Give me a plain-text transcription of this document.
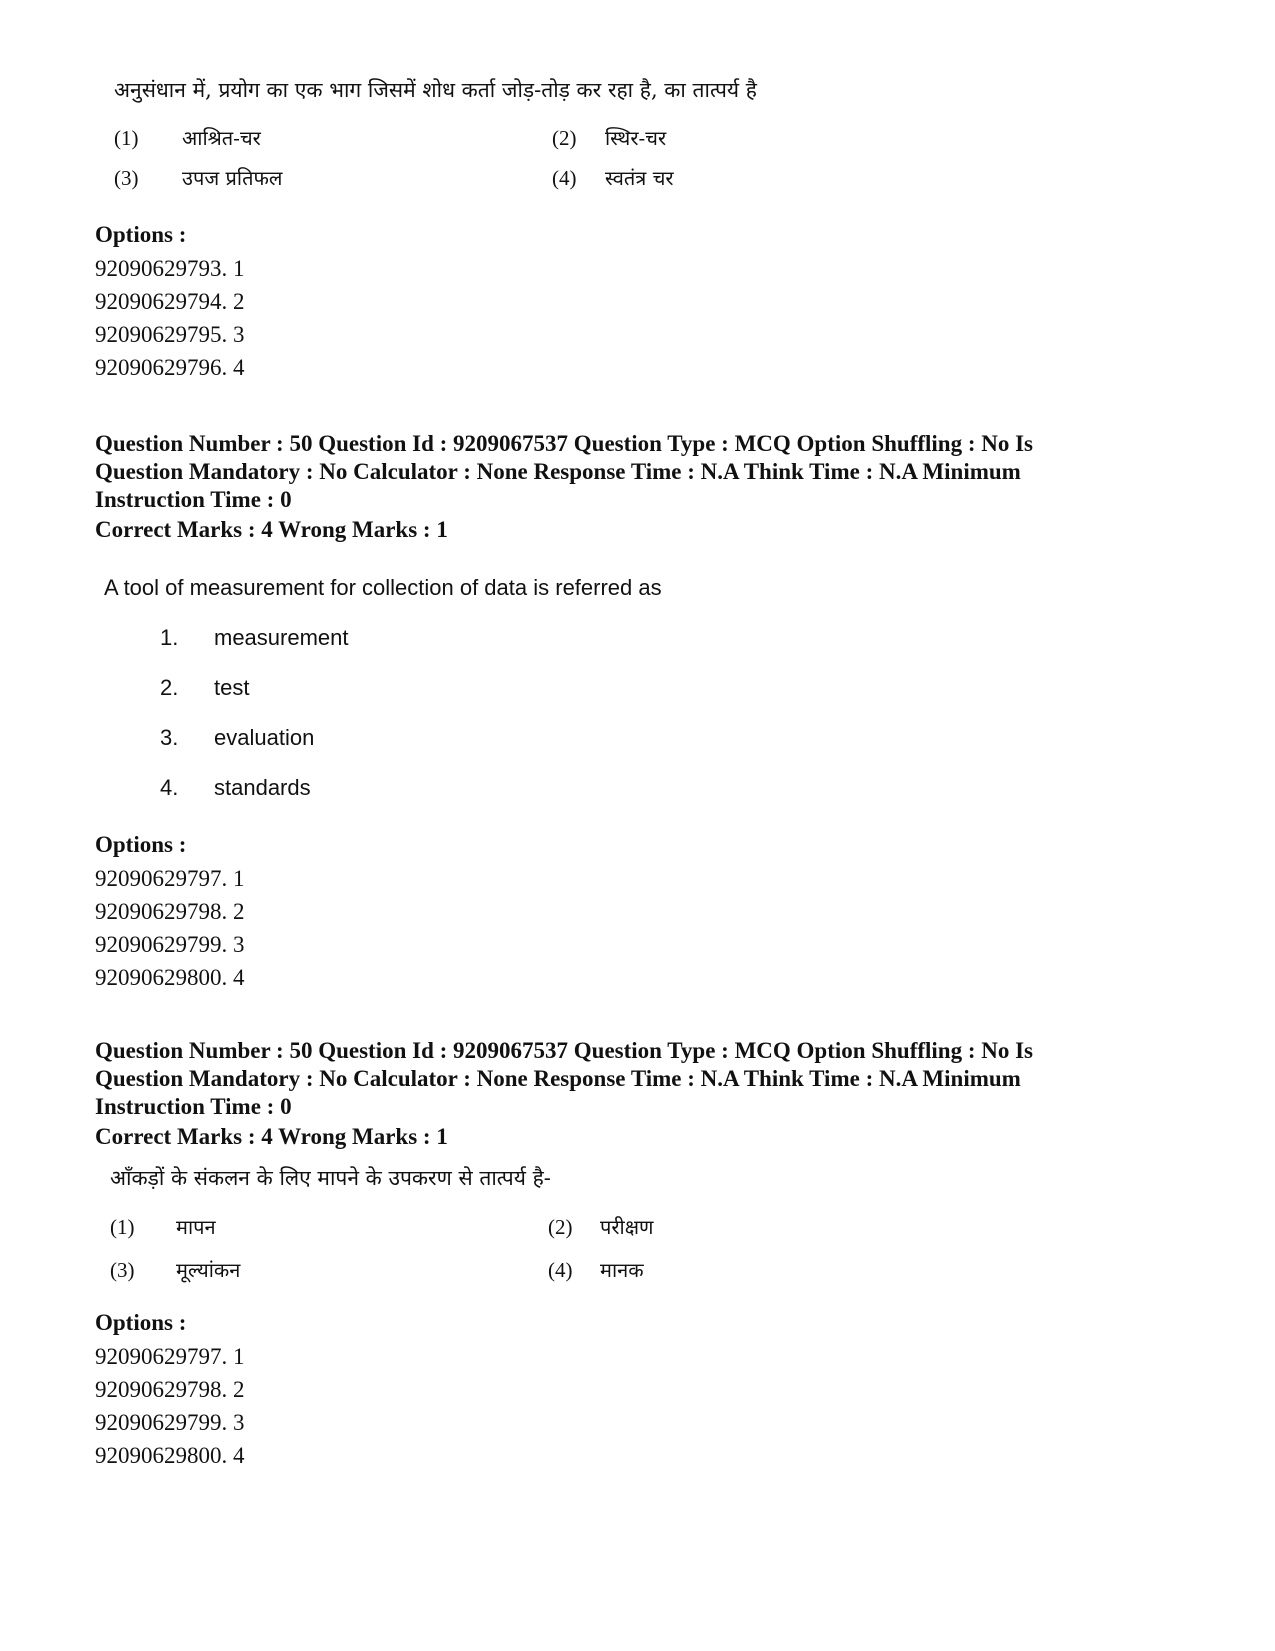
अनुसंधान में, प्रयोग का एक भाग जिसमें शोध कर्ता जोड़-तोड़ कर रहा है, का तात्पर्य है
(1) आश्रित-चर	(2) स्थिर-चर
(3) उपज प्रतिफल	(4) स्वतंत्र चर
Options :
92090629793. 1
92090629794. 2
92090629795. 3
92090629796. 4
Question Number : 50 Question Id : 9209067537 Question Type : MCQ Option Shuffling : No Is
Question Mandatory : No Calculator : None Response Time : N.A Think Time : N.A Minimum
Instruction Time : 0
Correct Marks : 4 Wrong Marks : 1
A tool of measurement for collection of data is referred as
1. measurement
2. test
3. evaluation
4. standards
Options :
92090629797. 1
92090629798. 2
92090629799. 3
92090629800. 4
Question Number : 50 Question Id : 9209067537 Question Type : MCQ Option Shuffling : No Is
Question Mandatory : No Calculator : None Response Time : N.A Think Time : N.A Minimum
Instruction Time : 0
Correct Marks : 4 Wrong Marks : 1
आँकड़ों के संकलन के लिए मापने के उपकरण से तात्पर्य है-
(1) मापन	(2) परीक्षण
(3) मूल्यांकन	(4) मानक
Options :
92090629797. 1
92090629798. 2
92090629799. 3
92090629800. 4
